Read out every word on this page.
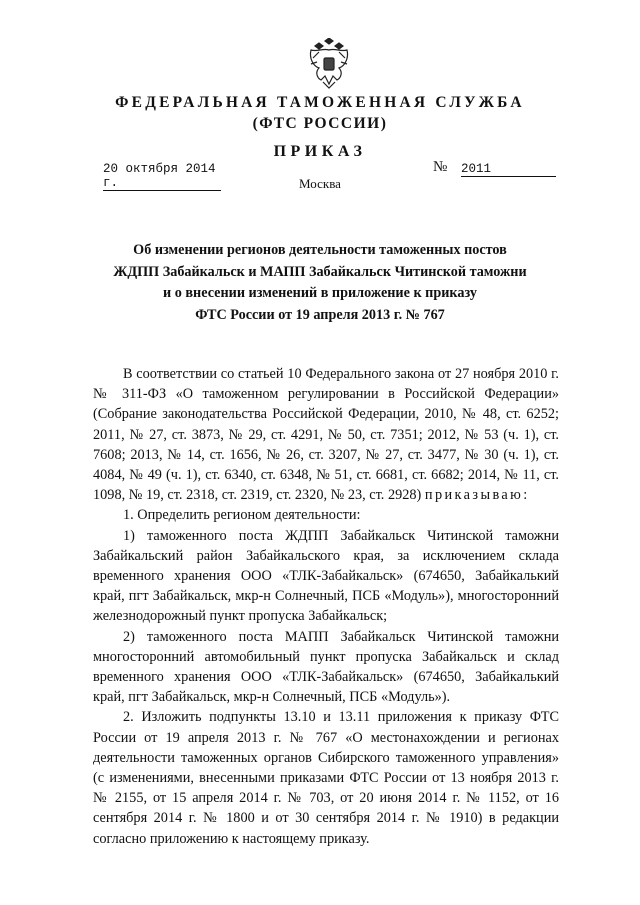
ФЕДЕРАЛЬНАЯ ТАМОЖЕННАЯ СЛУЖБА
(ФТС РОССИИ)
ПРИКАЗ
20 октября 2014 г.
№ 2011
Москва
Об изменении регионов деятельности таможенных постов
ЖДПП Забайкальск и МАПП Забайкальск Читинской таможни
и о внесении изменений в приложение к приказу
ФТС России от 19 апреля 2013 г. № 767

В соответствии со статьей 10 Федерального закона от 27 ноября 2010 г. № 311-ФЗ «О таможенном регулировании в Российской Федерации» (Собрание законодательства Российской Федерации, 2010, № 48, ст. 6252; 2011, № 27, ст. 3873, № 29, ст. 4291, № 50, ст. 7351; 2012, № 53 (ч. 1), ст. 7608; 2013, № 14, ст. 1656, № 26, ст. 3207, № 27, ст. 3477, № 30 (ч. 1), ст. 4084, № 49 (ч. 1), ст. 6340, ст. 6348, № 51, ст. 6681, ст. 6682; 2014, № 11, ст. 1098, № 19, ст. 2318, ст. 2319, ст. 2320, № 23, ст. 2928) приказываю:

1. Определить регионом деятельности:

1) таможенного поста ЖДПП Забайкальск Читинской таможни Забайкальский район Забайкальского края, за исключением склада временного хранения ООО «ТЛК-Забайкальск» (674650, Забайкалький край, пгт Забайкальск, мкр-н Солнечный, ПСБ «Модуль»), многосторонний железнодорожный пункт пропуска Забайкальск;

2) таможенного поста МАПП Забайкальск Читинской таможни многосторонний автомобильный пункт пропуска Забайкальск и склад временного хранения ООО «ТЛК-Забайкальск» (674650, Забайкалький край, пгт Забайкальск, мкр-н Солнечный, ПСБ «Модуль»).

2. Изложить подпункты 13.10 и 13.11 приложения к приказу ФТС России от 19 апреля 2013 г. № 767 «О местонахождении и регионах деятельности таможенных органов Сибирского таможенного управления» (с изменениями, внесенными приказами ФТС России от 13 ноября 2013 г. № 2155, от 15 апреля 2014 г. № 703, от 20 июня 2014 г. № 1152, от 16 сентября 2014 г. № 1800 и от 30 сентября 2014 г. № 1910) в редакции согласно приложению к настоящему приказу.
